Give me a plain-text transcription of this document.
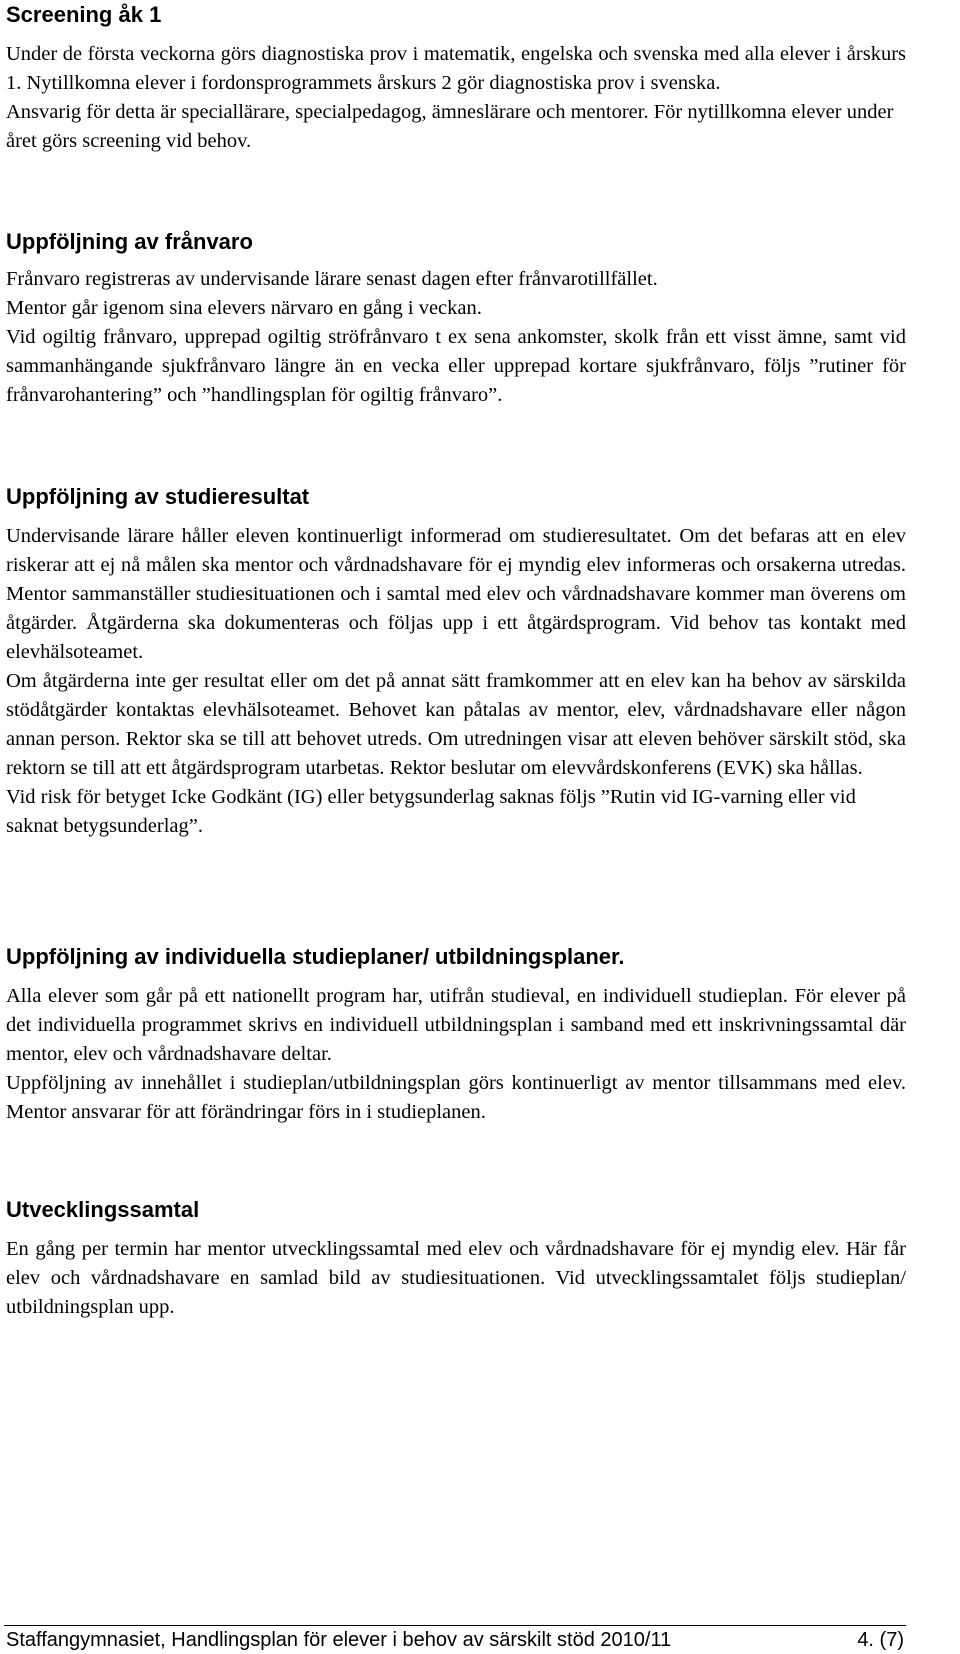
Screening åk 1

Under de första veckorna görs diagnostiska prov i matematik, engelska och svenska med alla elever i årskurs 1. Nytillkomna elever i fordonsprogrammets årskurs 2 gör diagnostiska prov i svenska.

Ansvarig för detta är speciallärare, specialpedagog, ämneslärare och mentorer. För nytillkomna elever under året görs screening vid behov.

Uppföljning av frånvaro

Frånvaro registreras av undervisande lärare senast dagen efter frånvarotillfället.

Mentor går igenom sina elevers närvaro en gång i veckan.

Vid ogiltig frånvaro, upprepad ogiltig ströfrånvaro t ex sena ankomster, skolk från ett visst ämne, samt vid sammanhängande sjukfrånvaro längre än en vecka eller upprepad kortare sjukfrånvaro, följs ”rutiner för frånvarohantering” och ”handlingsplan för ogiltig frånvaro”.

Uppföljning av studieresultat

Undervisande lärare håller eleven kontinuerligt informerad om studieresultatet. Om det befaras att en elev riskerar att ej nå målen ska mentor och vårdnadshavare för ej myndig elev informeras och orsakerna utredas. Mentor sammanställer studiesituationen och i samtal med elev och vårdnadshavare kommer man överens om åtgärder. Åtgärderna ska dokumenteras och följas upp i ett åtgärdsprogram. Vid behov tas kontakt med elevhälsoteamet.

Om åtgärderna inte ger resultat eller om det på annat sätt framkommer att en elev kan ha behov av särskilda stödåtgärder kontaktas elevhälsoteamet. Behovet kan påtalas av mentor, elev, vårdnadshavare eller någon annan person. Rektor ska se till att behovet utreds. Om utredningen visar att eleven behöver särskilt stöd, ska rektorn se till att ett åtgärdsprogram utarbetas. Rektor beslutar om elevvårdskonferens (EVK) ska hållas.

Vid risk för betyget Icke Godkänt (IG) eller betygsunderlag saknas följs ”Rutin vid IG-varning eller vid saknat betygsunderlag”.

Uppföljning av individuella studieplaner/ utbildningsplaner.

Alla elever som går på ett nationellt program har, utifrån studieval, en individuell studieplan. För elever på det individuella programmet skrivs en individuell utbildningsplan i samband med ett inskrivningssamtal där mentor, elev och vårdnadshavare deltar.

Uppföljning av innehållet i studieplan/utbildningsplan görs kontinuerligt av mentor tillsammans med elev. Mentor ansvarar för att förändringar förs in i studieplanen.

Utvecklingssamtal

En gång per termin har mentor utvecklingssamtal med elev och vårdnadshavare för ej myndig elev. Här får elev och vårdnadshavare en samlad bild av studiesituationen. Vid utvecklingssamtalet följs studieplan/ utbildningsplan upp.

Staffangymnasiet, Handlingsplan för elever i behov av särskilt stöd 2010/11	4. (7)
